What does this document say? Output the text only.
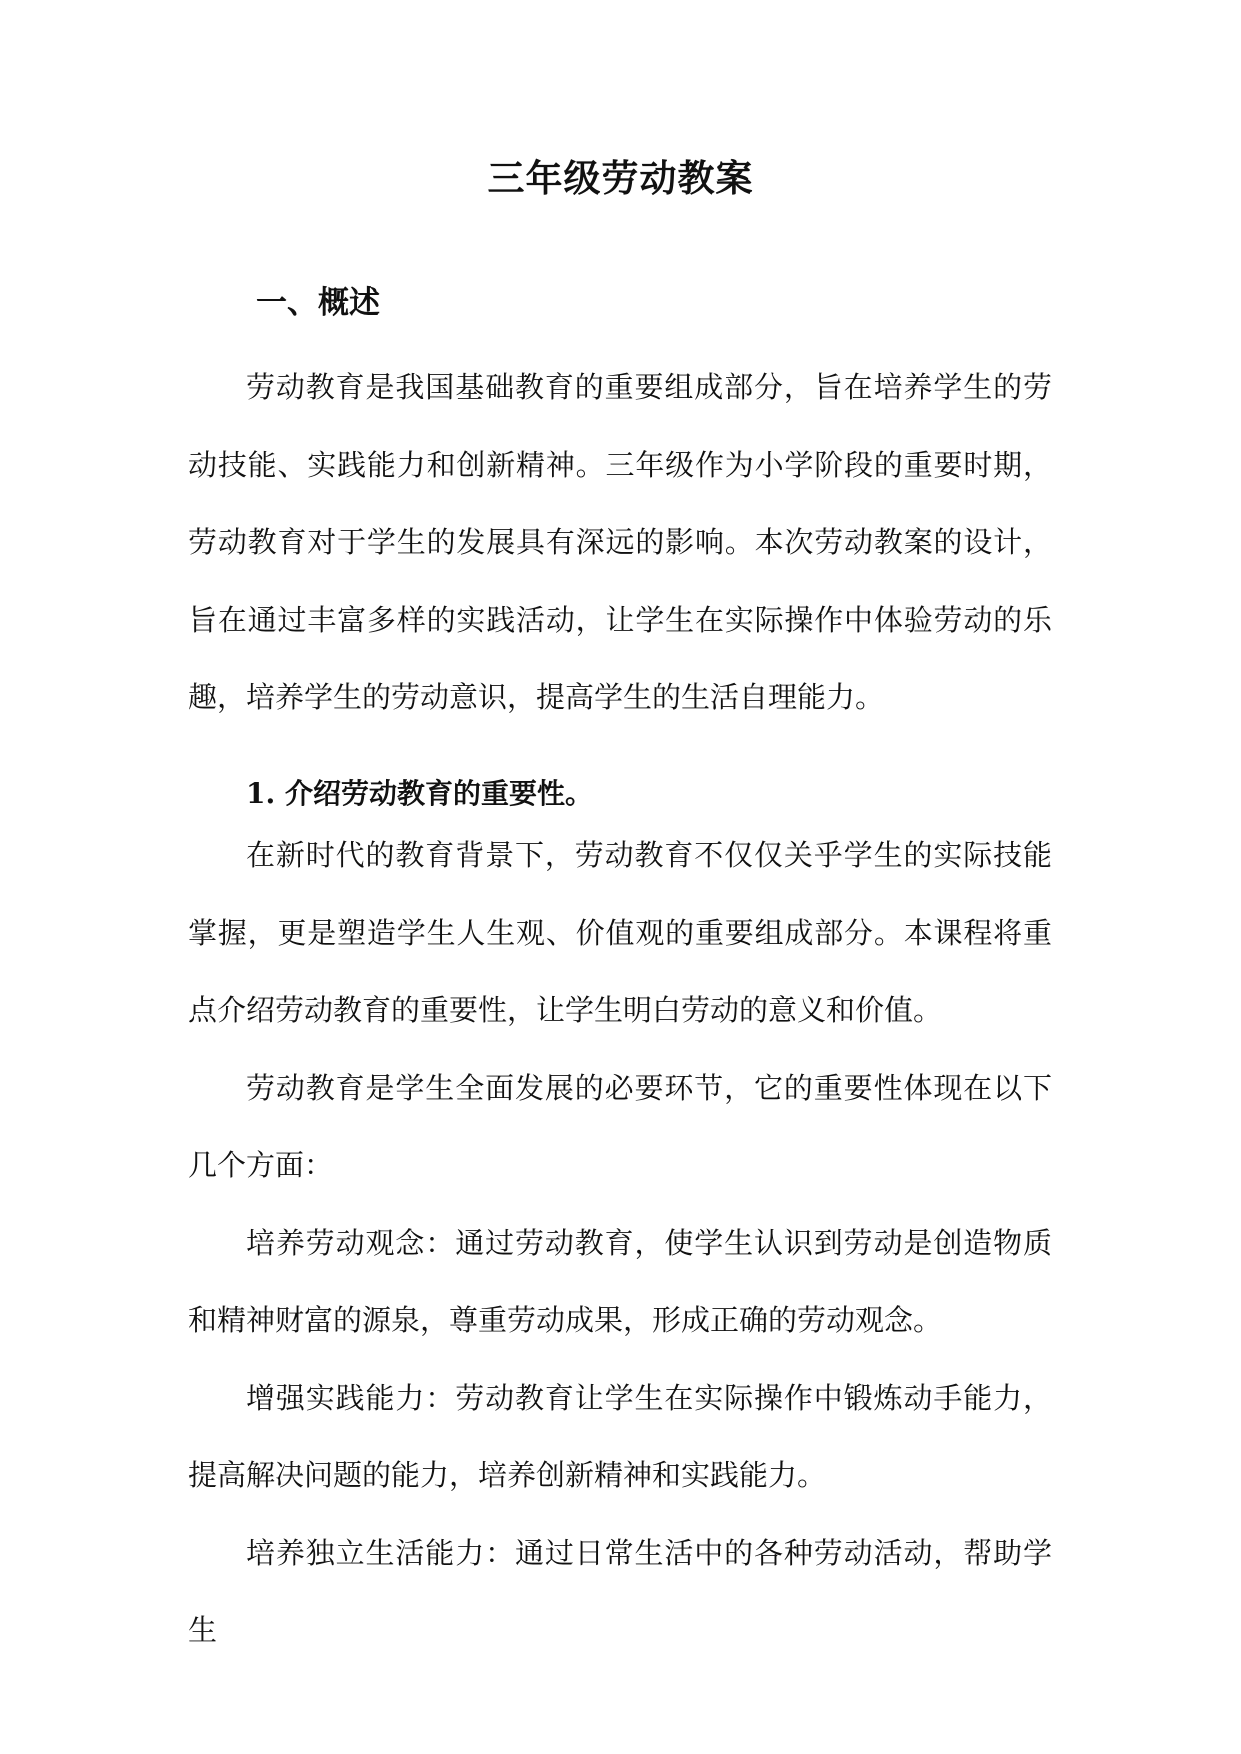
三年级劳动教案
一、概述

劳动教育是我国基础教育的重要组成部分，旨在培养学生的劳动技能、实践能力和创新精神。三年级作为小学阶段的重要时期，劳动教育对于学生的发展具有深远的影响。本次劳动教案的设计，旨在通过丰富多样的实践活动，让学生在实际操作中体验劳动的乐趣，培养学生的劳动意识，提高学生的生活自理能力。

1. 介绍劳动教育的重要性。

在新时代的教育背景下，劳动教育不仅仅关乎学生的实际技能掌握，更是塑造学生人生观、价值观的重要组成部分。本课程将重点介绍劳动教育的重要性，让学生明白劳动的意义和价值。

劳动教育是学生全面发展的必要环节，它的重要性体现在以下几个方面：

培养劳动观念：通过劳动教育，使学生认识到劳动是创造物质和精神财富的源泉，尊重劳动成果，形成正确的劳动观念。

增强实践能力：劳动教育让学生在实际操作中锻炼动手能力，提高解决问题的能力，培养创新精神和实践能力。

培养独立生活能力：通过日常生活中的各种劳动活动，帮助学生
